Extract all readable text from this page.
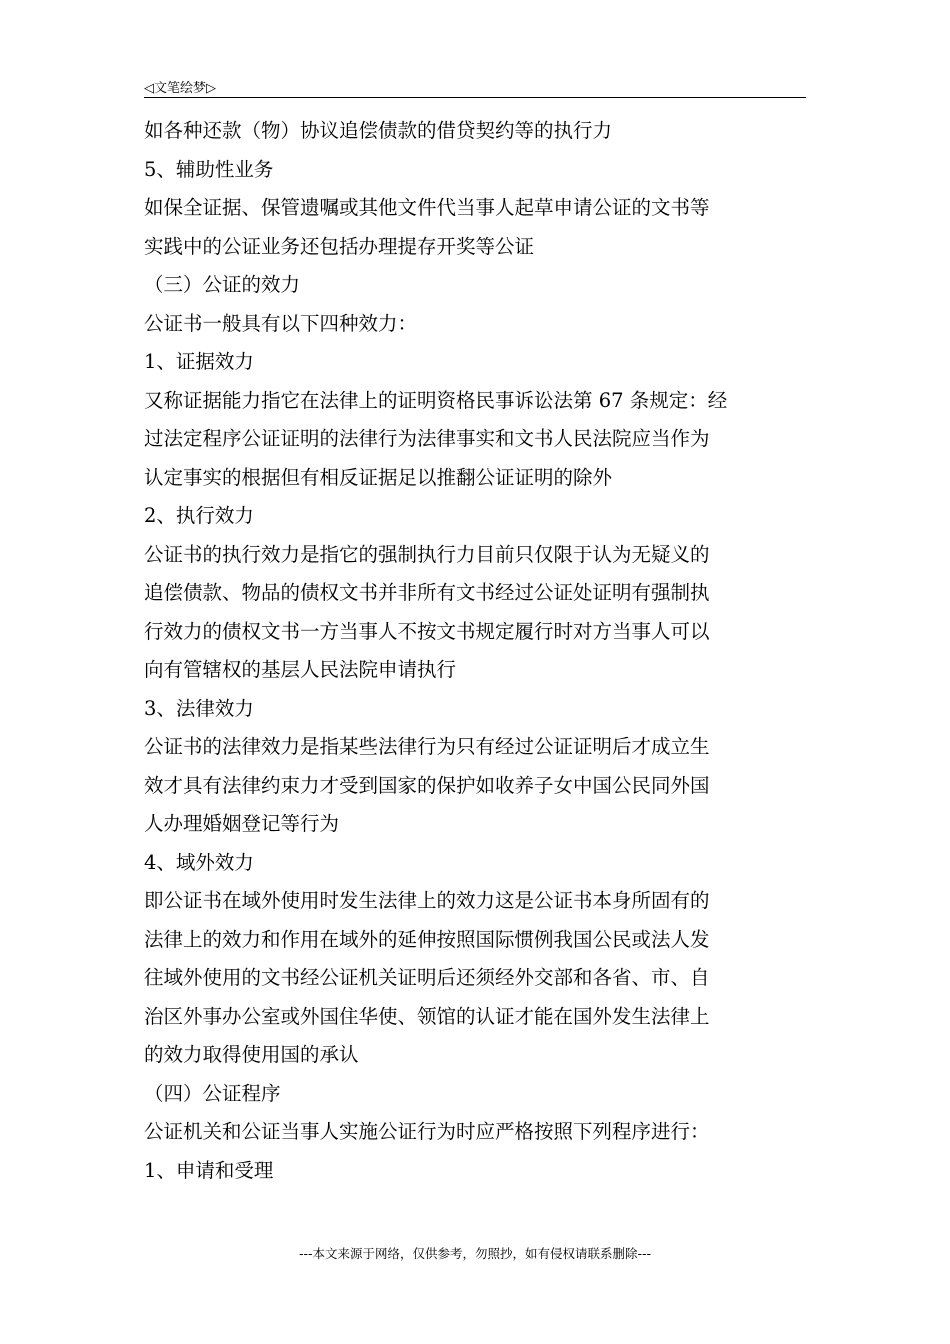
◁文笔绘梦▷
如各种还款（物）协议追偿债款的借贷契约等的执行力
5、辅助性业务
如保全证据、保管遗嘱或其他文件代当事人起草申请公证的文书等
实践中的公证业务还包括办理提存开奖等公证
（三）公证的效力
公证书一般具有以下四种效力：
1、证据效力
又称证据能力指它在法律上的证明资格民事诉讼法第 67 条规定：经
过法定程序公证证明的法律行为法律事实和文书人民法院应当作为
认定事实的根据但有相反证据足以推翻公证证明的除外
2、执行效力
公证书的执行效力是指它的强制执行力目前只仅限于认为无疑义的
追偿债款、物品的债权文书并非所有文书经过公证处证明有强制执
行效力的债权文书一方当事人不按文书规定履行时对方当事人可以
向有管辖权的基层人民法院申请执行
3、法律效力
公证书的法律效力是指某些法律行为只有经过公证证明后才成立生
效才具有法律约束力才受到国家的保护如收养子女中国公民同外国
人办理婚姻登记等行为
4、域外效力
即公证书在域外使用时发生法律上的效力这是公证书本身所固有的
法律上的效力和作用在域外的延伸按照国际惯例我国公民或法人发
往域外使用的文书经公证机关证明后还须经外交部和各省、市、自
治区外事办公室或外国住华使、领馆的认证才能在国外发生法律上
的效力取得使用国的承认
（四）公证程序
公证机关和公证当事人实施公证行为时应严格按照下列程序进行：
1、申请和受理
---本文来源于网络，仅供参考，勿照抄，如有侵权请联系删除---
